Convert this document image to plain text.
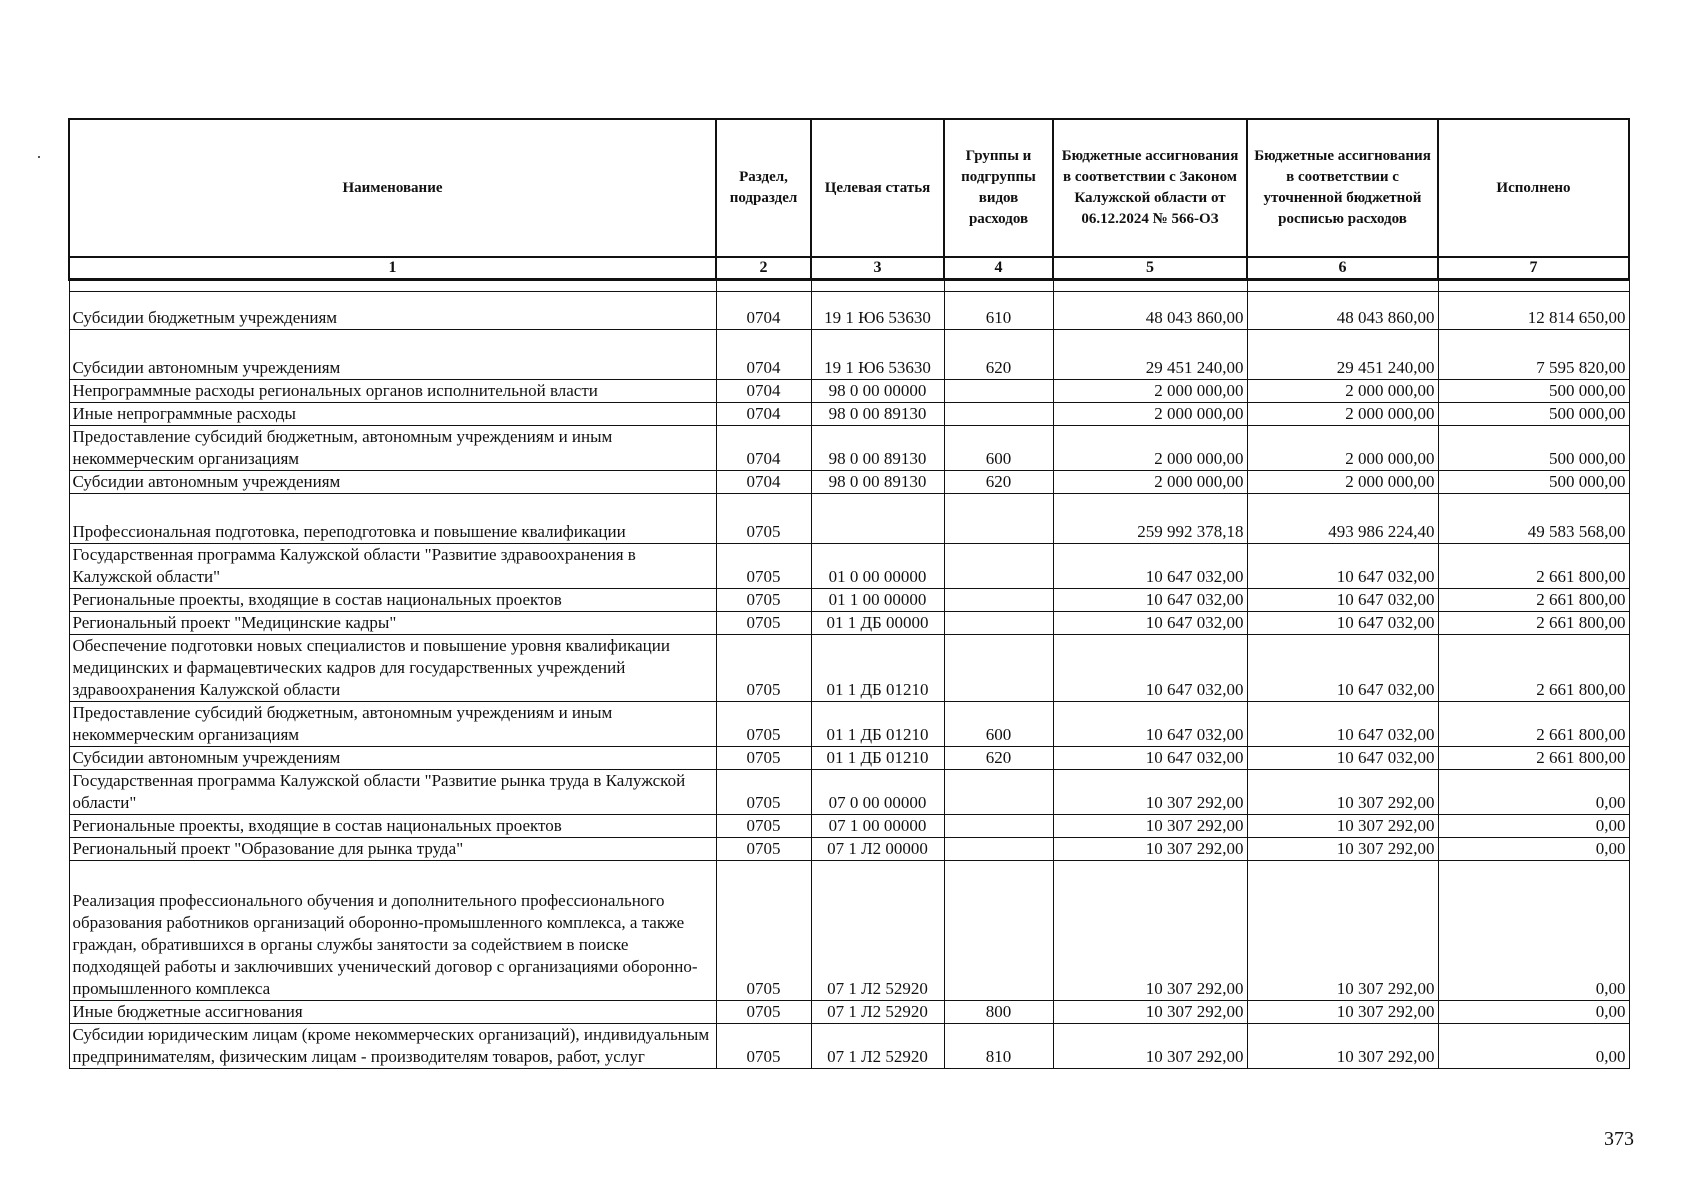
Наименование	Раздел, подраздел	Целевая статья	Группы и подгруппы видов расходов	Бюджетные ассигнования в соответствии с Законом Калужской области от 06.12.2024 № 566-ОЗ	Бюджетные ассигнования в соответствии с уточненной бюджетной росписью расходов	Исполнено
1	2	3	4	5	6	7

Субсидии бюджетным учреждениям	0704	19 1 Ю6 53630	610	48 043 860,00	48 043 860,00	12 814 650,00
Субсидии автономным учреждениям	0704	19 1 Ю6 53630	620	29 451 240,00	29 451 240,00	7 595 820,00
Непрограммные расходы региональных органов исполнительной власти	0704	98 0 00 00000		2 000 000,00	2 000 000,00	500 000,00
Иные непрограммные расходы	0704	98 0 00 89130		2 000 000,00	2 000 000,00	500 000,00
Предоставление субсидий бюджетным, автономным учреждениям и иным некоммерческим организациям	0704	98 0 00 89130	600	2 000 000,00	2 000 000,00	500 000,00
Субсидии автономным учреждениям	0704	98 0 00 89130	620	2 000 000,00	2 000 000,00	500 000,00
Профессиональная подготовка, переподготовка и повышение квалификации	0705			259 992 378,18	493 986 224,40	49 583 568,00
Государственная программа Калужской области "Развитие здравоохранения в Калужской области"	0705	01 0 00 00000		10 647 032,00	10 647 032,00	2 661 800,00
Региональные проекты, входящие в состав национальных проектов	0705	01 1 00 00000		10 647 032,00	10 647 032,00	2 661 800,00
Региональный проект "Медицинские кадры"	0705	01 1 ДБ 00000		10 647 032,00	10 647 032,00	2 661 800,00
Обеспечение подготовки новых специалистов и повышение уровня квалификации медицинских и фармацевтических кадров для государственных учреждений здравоохранения Калужской области	0705	01 1 ДБ 01210		10 647 032,00	10 647 032,00	2 661 800,00
Предоставление субсидий бюджетным, автономным учреждениям и иным некоммерческим организациям	0705	01 1 ДБ 01210	600	10 647 032,00	10 647 032,00	2 661 800,00
Субсидии автономным учреждениям	0705	01 1 ДБ 01210	620	10 647 032,00	10 647 032,00	2 661 800,00
Государственная программа Калужской области "Развитие рынка труда в Калужской области"	0705	07 0 00 00000		10 307 292,00	10 307 292,00	0,00
Региональные проекты, входящие в состав национальных проектов	0705	07 1 00 00000		10 307 292,00	10 307 292,00	0,00
Региональный проект "Образование для рынка труда"	0705	07 1 Л2 00000		10 307 292,00	10 307 292,00	0,00
Реализация профессионального обучения и дополнительного профессионального образования работников организаций оборонно-промышленного комплекса, а также граждан, обратившихся в органы службы занятости за содействием в поиске подходящей работы и заключивших ученический договор с организациями оборонно-промышленного комплекса	0705	07 1 Л2 52920		10 307 292,00	10 307 292,00	0,00
Иные бюджетные ассигнования	0705	07 1 Л2 52920	800	10 307 292,00	10 307 292,00	0,00
Субсидии юридическим лицам (кроме некоммерческих организаций), индивидуальным предпринимателям, физическим лицам - производителям товаров, работ, услуг	0705	07 1 Л2 52920	810	10 307 292,00	10 307 292,00	0,00
373
